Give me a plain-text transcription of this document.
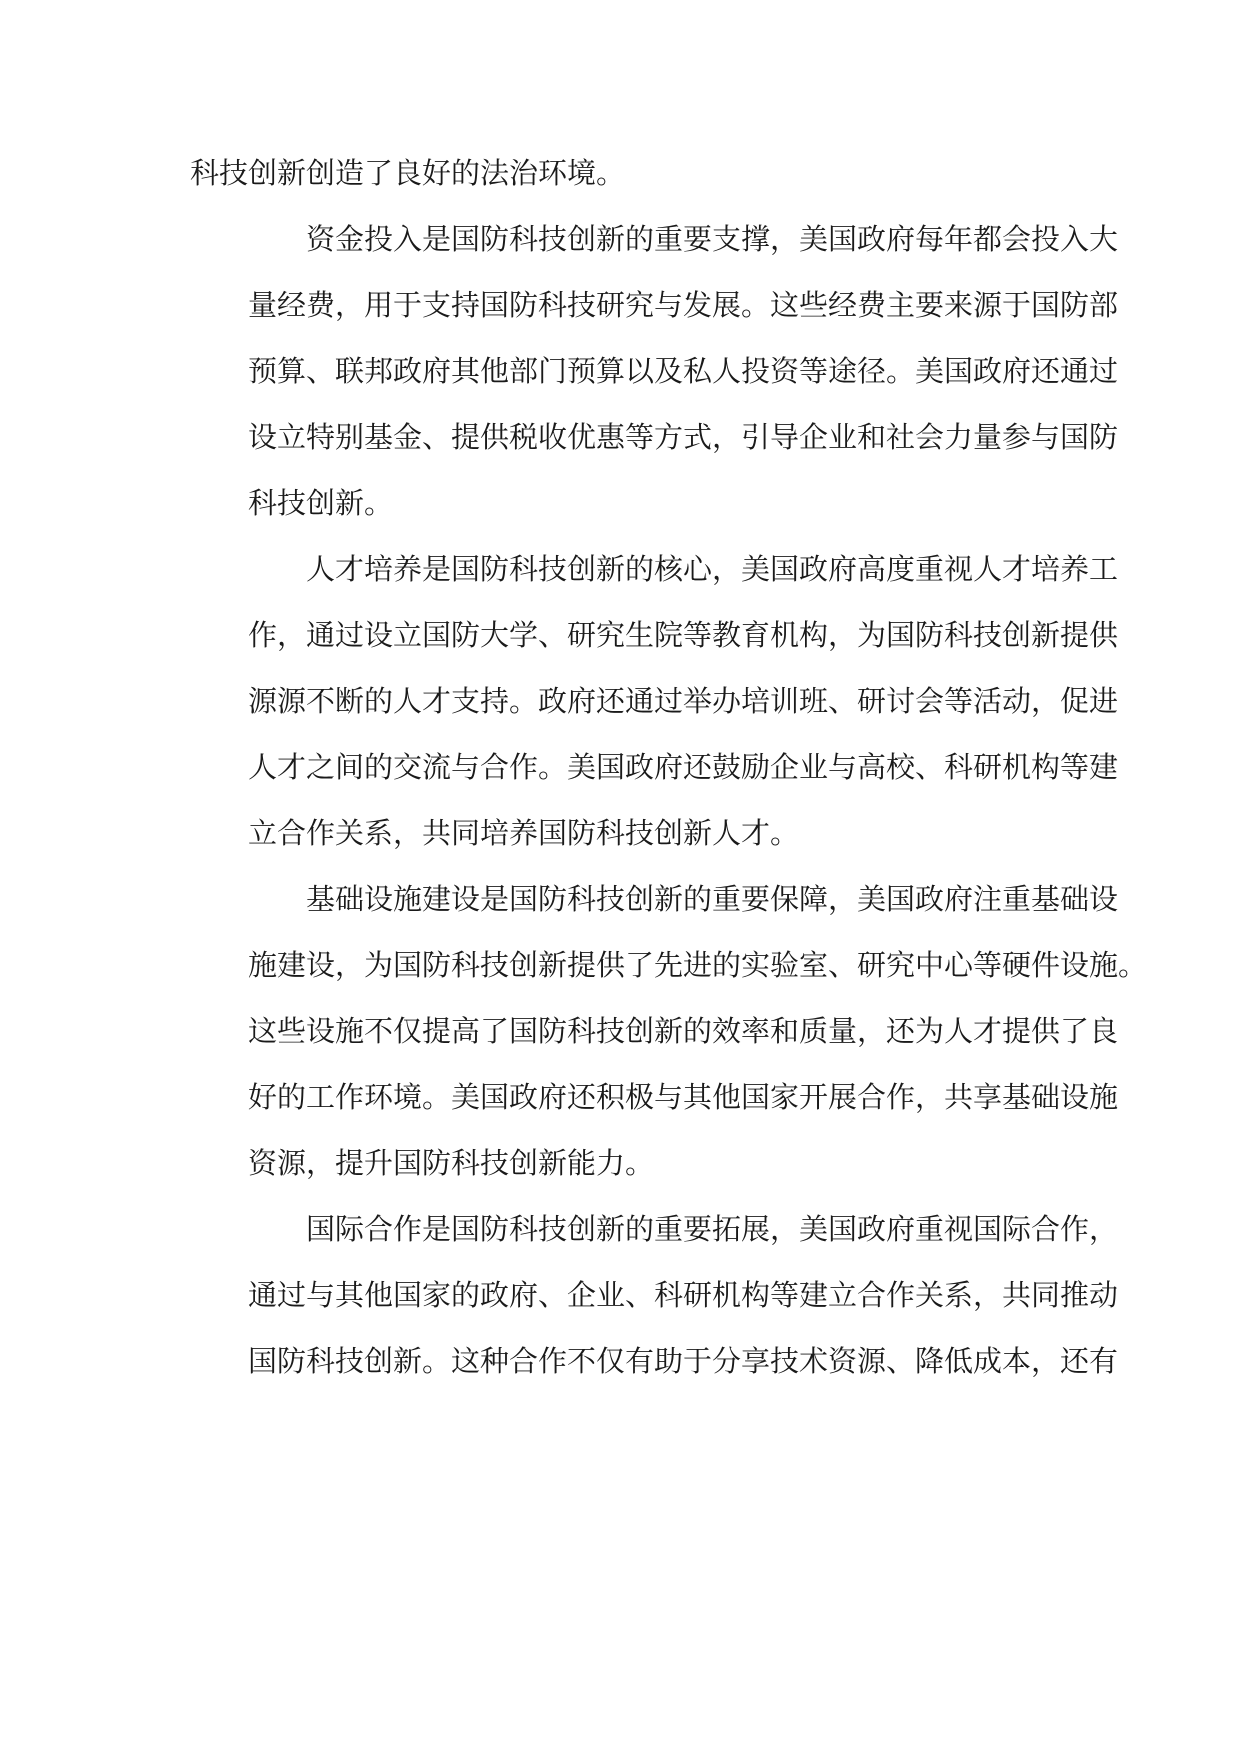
科技创新创造了良好的法治环境。
资金投入是国防科技创新的重要支撑，美国政府每年都会投入大
量经费，用于支持国防科技研究与发展。这些经费主要来源于国防部
预算、联邦政府其他部门预算以及私人投资等途径。美国政府还通过
设立特别基金、提供税收优惠等方式，引导企业和社会力量参与国防
科技创新。
人才培养是国防科技创新的核心，美国政府高度重视人才培养工
作，通过设立国防大学、研究生院等教育机构，为国防科技创新提供
源源不断的人才支持。政府还通过举办培训班、研讨会等活动，促进
人才之间的交流与合作。美国政府还鼓励企业与高校、科研机构等建
立合作关系，共同培养国防科技创新人才。
基础设施建设是国防科技创新的重要保障，美国政府注重基础设
施建设，为国防科技创新提供了先进的实验室、研究中心等硬件设施。
这些设施不仅提高了国防科技创新的效率和质量，还为人才提供了良
好的工作环境。美国政府还积极与其他国家开展合作，共享基础设施
资源，提升国防科技创新能力。
国际合作是国防科技创新的重要拓展，美国政府重视国际合作，
通过与其他国家的政府、企业、科研机构等建立合作关系，共同推动
国防科技创新。这种合作不仅有助于分享技术资源、降低成本，还有
